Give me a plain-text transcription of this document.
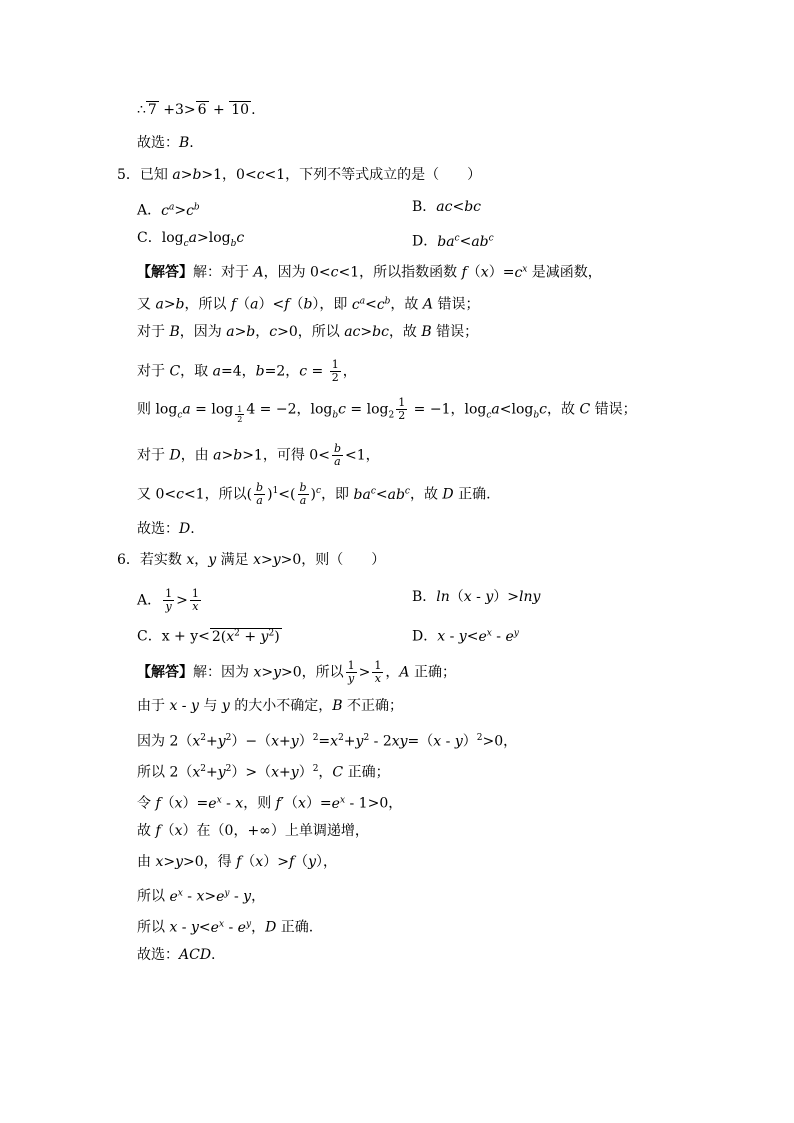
∴ 7 +3> 6 + 10 .
故选：B.
5．已知 a>b>1，0<c<1，下列不等式成立的是（　　）
A．$c^a>c^b$	B．ac<bc
C．$\log_ca>\log_bc$	D．$ba^c<ab^c$
【解答】解：对于 A，因为 0<c<1，所以指数函数 $f(x)=c^x$ 是减函数，
又 a>b，所以 f（a）<f（b），即 $c^a<c^b$，故 A 错误；
对于 B，因为 a>b，c>0，所以 ac>bc，故 B 错误；
对于 C，取 a=4，b=2，$c = \frac{1}{2}$ ，
则 $\log_ca = \log _{\frac{1}{2}}$ 4 = −2，$\log_bc = \log_2 \frac{1}{2} = -1$，$\log_ca<\log_bc$，故 C 错误；
对于 D，由 a>b>1，可得 $0< \frac{b}{a} <1$，
又 0<c<1，所以( $\frac{b}{a} )^1<( \frac{b}{a} )^c$，即 $ba^c<ab^c$，故 D 正确.
故选：D.
6．若实数 x，y 满足 x>y>0，则（　　）
A． $\frac{1}{y} > \frac{1}{x}$	B．ln（x - y）>lny
C．$x + y< 2(x^2 + y^2)$	D．$x - y<e^x - e^y$
【解答】解：因为 x>y>0，所以 $\frac{1}{y} > \frac{1}{x}$ ，A 正确；
由于 x - y 与 y 的大小不确定，B 不正确；
因为 $2(x^2+y^2)-(x+y)^2=x^2+y^2 - 2xy=(x - y)^2>0$，
所以 $2(x^2+y^2)>(x+y)^2$，C 正确；
令 $f(x)=e^x - x$，则 $f'(x)=e^x - 1>0$，
故 f（x）在（0，+∞）上单调递增，
由 x>y>0，得 f（x）>f（y），
所以 $e^x - x>e^y - y$，
所以 $x - y<e^x - e^y$，D 正确.
故选：ACD.
